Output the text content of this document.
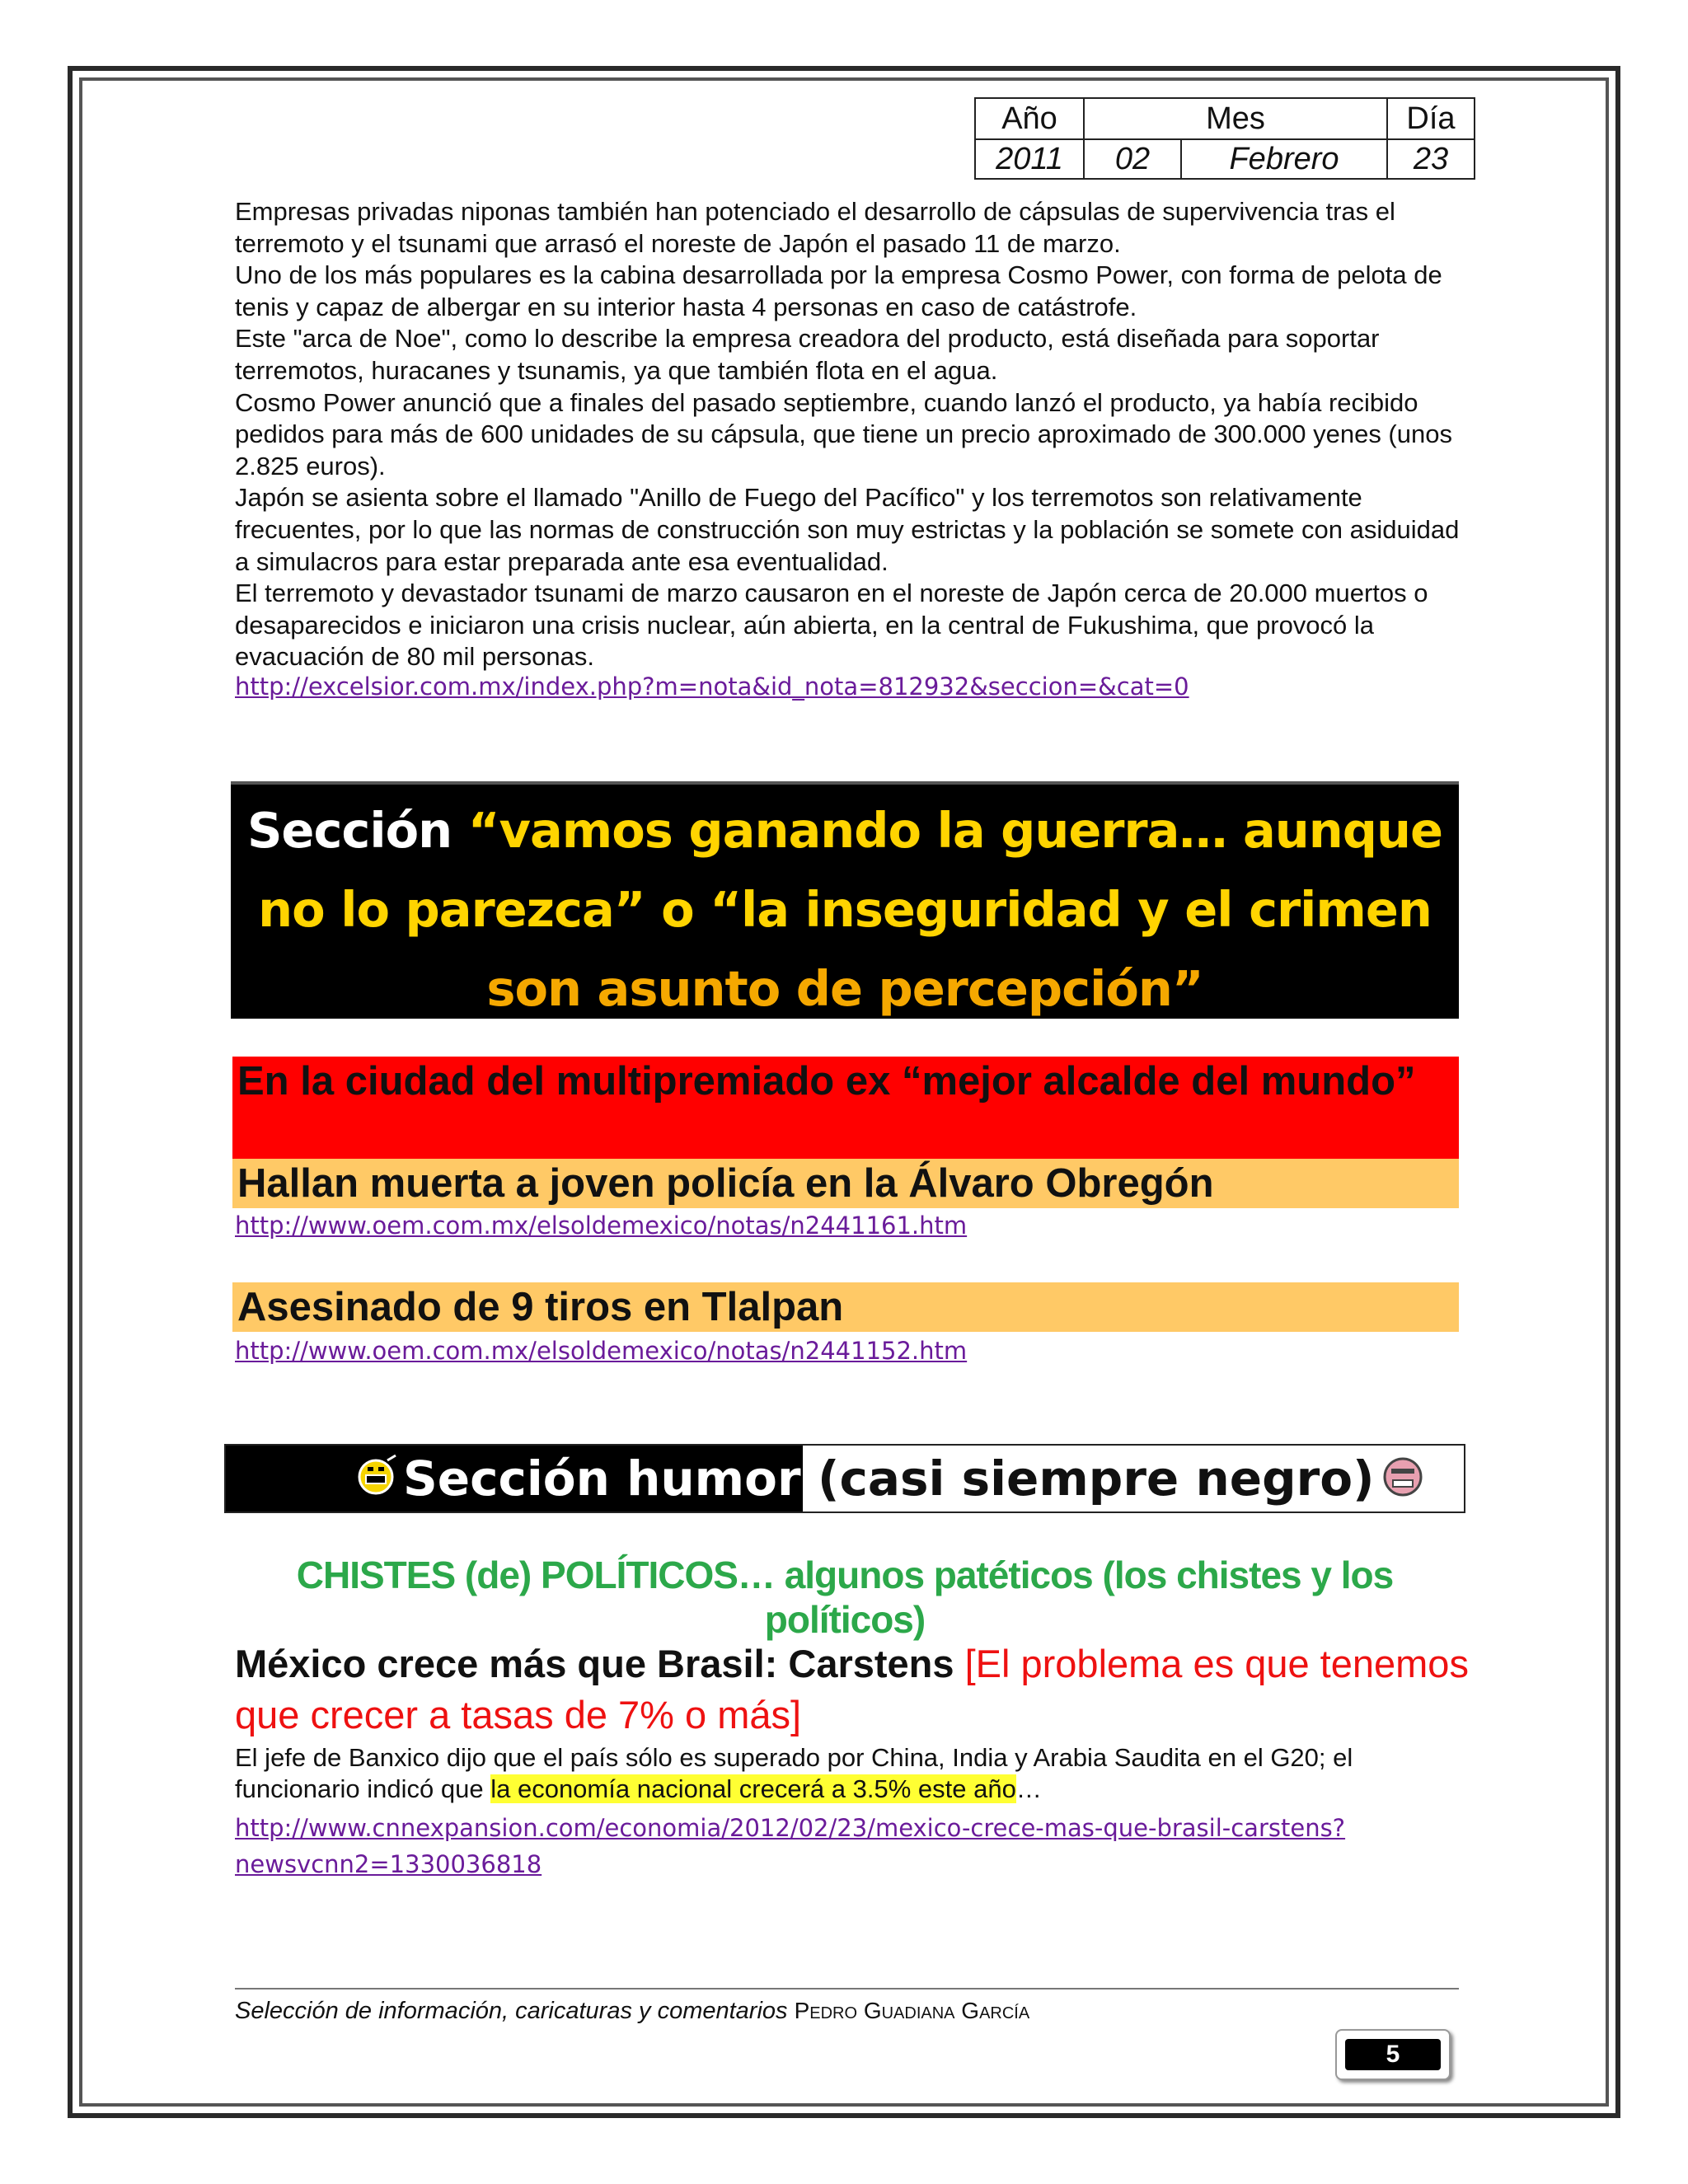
Año	Mes		Día
2011	02	Febrero	23
Empresas privadas niponas también han potenciado el desarrollo de cápsulas de supervivencia tras el terremoto y el tsunami que arrasó el noreste de Japón el pasado 11 de marzo.
Uno de los más populares es la cabina desarrollada por la empresa Cosmo Power, con forma de pelota de tenis y capaz de albergar en su interior hasta 4 personas en caso de catástrofe.
Este "arca de Noe", como lo describe la empresa creadora del producto, está diseñada para soportar terremotos, huracanes y tsunamis, ya que también flota en el agua.
Cosmo Power anunció que a finales del pasado septiembre, cuando lanzó el producto, ya había recibido pedidos para más de 600 unidades de su cápsula, que tiene un precio aproximado de 300.000 yenes (unos 2.825 euros).
Japón se asienta sobre el llamado "Anillo de Fuego del Pacífico" y los terremotos son relativamente frecuentes, por lo que las normas de construcción son muy estrictas y la población se somete con asiduidad a simulacros para estar preparada ante esa eventualidad.
El terremoto y devastador tsunami de marzo causaron en el noreste de Japón cerca de 20.000 muertos o desaparecidos e iniciaron una crisis nuclear, aún abierta, en la central de Fukushima, que provocó la evacuación de 80 mil personas.
http://excelsior.com.mx/index.php?m=nota&id_nota=812932&seccion=&cat=0
Sección “vamos ganando la guerra… aunque
no lo parezca” o “la inseguridad y el crimen
son asunto de percepción”
En la ciudad del multipremiado ex “mejor alcalde del mundo”
Hallan muerta a joven policía en la Álvaro Obregón
http://www.oem.com.mx/elsoldemexico/notas/n2441161.htm
Asesinado de 9 tiros en Tlalpan
http://www.oem.com.mx/elsoldemexico/notas/n2441152.htm
Sección humor (casi siempre negro)
CHISTES (de) POLÍTICOS… algunos patéticos (los chistes y los políticos)
México crece más que Brasil: Carstens [El problema es que tenemos que crecer a tasas de 7% o más]
El jefe de Banxico dijo que el país sólo es superado por China, India y Arabia Saudita en el G20; el funcionario indicó que la economía nacional crecerá a 3.5% este año…
http://www.cnnexpansion.com/economia/2012/02/23/mexico-crece-mas-que-brasil-carstens?newsvcnn2=1330036818
Selección de información, caricaturas y comentarios Pedro Guadiana García
5
